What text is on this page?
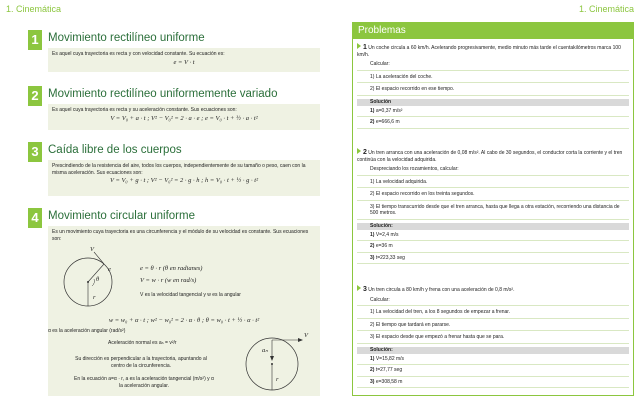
1. Cinemática	1. Cinemática
1 Movimiento rectilíneo uniforme

Es aquel cuya trayectoria es recta y con velocidad constante. Su ecuación es:

e = V · t
2 Movimiento rectilíneo uniformemente variado

Es aquel cuya trayectoria es recta y su aceleración constante. Sus ecuaciones son:

V = V₀ + a · t ; V² − V₀² = 2 · a · e ; e = V₀ · t + ½ · a · t²
3 Caída libre de los cuerpos

Prescindiendo de la resistencia del aire, todos los cuerpos, independientemente de su tamaño o peso, caen con la misma aceleración. Sus ecuaciones son:

V = V₀ + g · t ; V² − V₀² = 2 · g · h ; h = V₀ · t + ½ · g · t²
4 Movimiento circular uniforme

Es un movimiento cuya trayectoria es una circunferencia y el módulo de su velocidad es constante. Sus ecuaciones son:

V
e
θ
r
e = θ · r (θ en radianes)
V = w · r (w en rad/s)
V es la velocidad tangencial y w es la angular
w = w₀ + α · t ; w² − w₀² = 2 · α · θ ; θ = w₀ · t + ½ · α · t²
α es la aceleración angular (rad/s²)
Aceleración normal es aₙ = v²/r
Su dirección es perpendicular a la trayectoria, apuntando al centro de la circunferencia.
En la ecuación a=α · r, a es la aceleración tangencial (m/s²) y α la aceleración angular.
V
aₙ
r
Problemas
1 Un coche circula a 60 km/h. Acelerando progresivamente, medio minuto más tarde el cuentakilómetros marca 100 km/h.
Calcular:
1) La aceleración del coche.
2) El espacio recorrido en ese tiempo.
Solución
1) a=0,37 m/s²
2) e=666,6 m
2 Un tren arranca con una aceleración de 0,08 m/s². Al cabo de 30 segundos, el conductor corta la corriente y el tren continúa con la velocidad adquirida.
Despreciando los rozamientos, calcular:
1) La velocidad adquirida.
2) El espacio recorrido en los treinta segundos.
3) El tiempo transcurrido desde que el tren arranca, hasta que llega a otra estación, recorriendo una distancia de 500 metros.
Solución:
1) V=2,4 m/s
2) e=36 m
3) t=223,33 seg
3 Un tren circula a 80 km/h y frena con una aceleración de 0,8 m/s².
Calcular:
1) La velocidad del tren, a los 8 segundos de empezar a frenar.
2) El tiempo que tardará en pararse.
3) El espacio desde que empezó a frenar hasta que se para.
Solución:
1) V=15,82 m/s
2) t=27,77 seg
3) e=308,58 m
